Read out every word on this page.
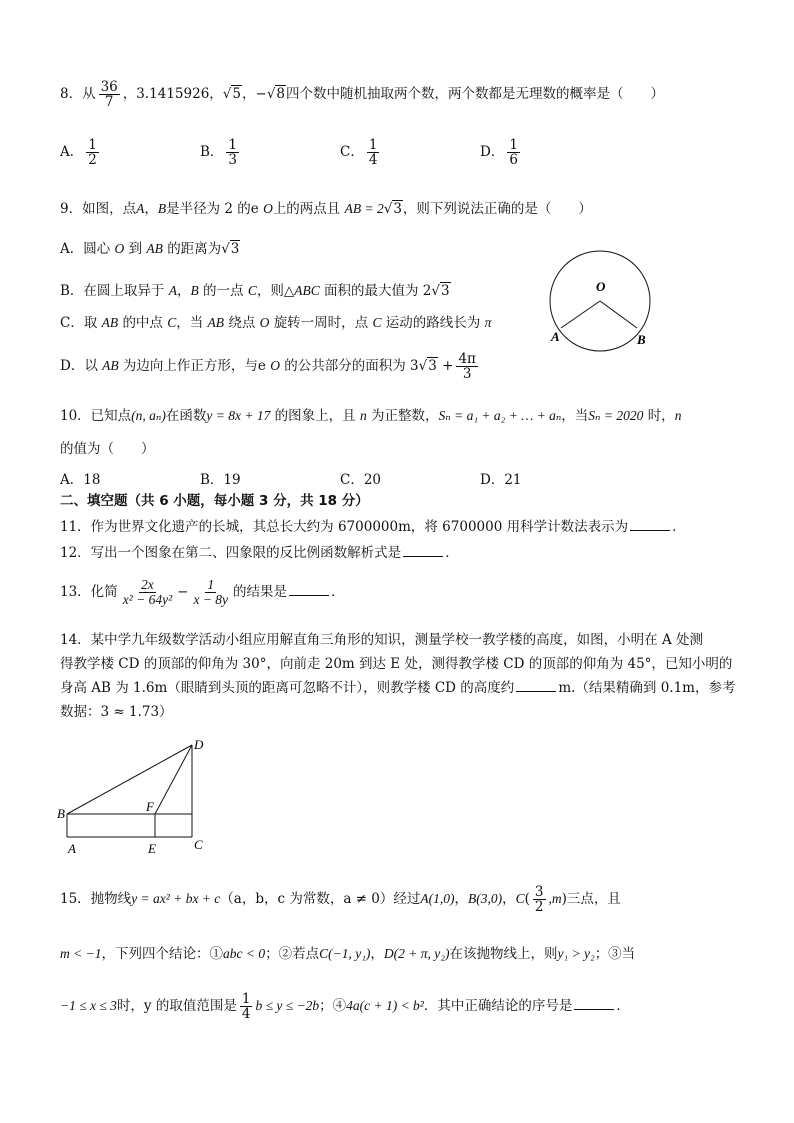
8．从 $\frac{36}{7}$ ，3.1415926，√5，−√8四个数中随机抽取两个数，两个数都是无理数的概率是（　　）
A． $\frac{1}{2}$	B． $\frac{1}{3}$	C． $\frac{1}{4}$	D． $\frac{1}{6}$
9．如图，点A，B是半径为 2 的e O上的两点且 AB = 2√3，则下列说法正确的是（　　）
A．圆心 O 到 AB 的距离为√3
B．在圆上取异于 A，B 的一点 C，则△ABC 面积的最大值为 2√3
C．取 AB 的中点 C，当 AB 绕点 O 旋转一周时，点 C 运动的路线长为 π
D．以 AB 为边向上作正方形，与e O 的公共部分的面积为 $3√3 + \frac{4\pi}{3}$
O
A	B
10．已知点(n, aₙ)在函数y = 8x + 17 的图象上，且 n 为正整数，Sₙ = a₁ + a₂ + … + aₙ，当Sₙ = 2020 时，n
的值为（　　）
A．18	B．19	C．20	D．21
二、填空题（共 6 小题，每小题 3 分，共 18 分）
11．作为世界文化遗产的长城，其总长大约为 6700000m，将 6700000 用科学计数法表示为	．
12．写出一个图象在第二、四象限的反比例函数解析式是	．
13．化简 $\frac{2x}{\text{x² − 64y²}} - \frac{1}{x - 8y}$ 的结果是	．
14．某中学九年级数学活动小组应用解直角三角形的知识，测量学校一教学楼的高度，如图，小明在 A 处测
得教学楼 CD 的顶部的仰角为 30°，向前走 20m 到达 E 处，测得教学楼 CD 的顶部的仰角为 45°，已知小明的
身高 AB 为 1.6m（眼睛到头顶的距离可忽略不计），则教学楼 CD 的高度约	m.（结果精确到 0.1m，参考
数据：3 ≈ 1.73）
D
B	F
A	E	C
15．抛物线y = ax² + bx + c（a，b，c 为常数，a ≠ 0）经过A(1,0)，B(3,0)，$C( \frac{3}{2} ,m)$三点，且
m < −1，下列四个结论：①abc < 0；②若点C(−1, y₁)，D(2 + π, y₂)在该抛物线上，则y₁ > y₂；③当
−1 ≤ x ≤ 3时，y 的取值范围是 $\frac{1}{4}$ b ≤ y ≤ −2b；④4a(c + 1) < b²．其中正确结论的序号是	．
